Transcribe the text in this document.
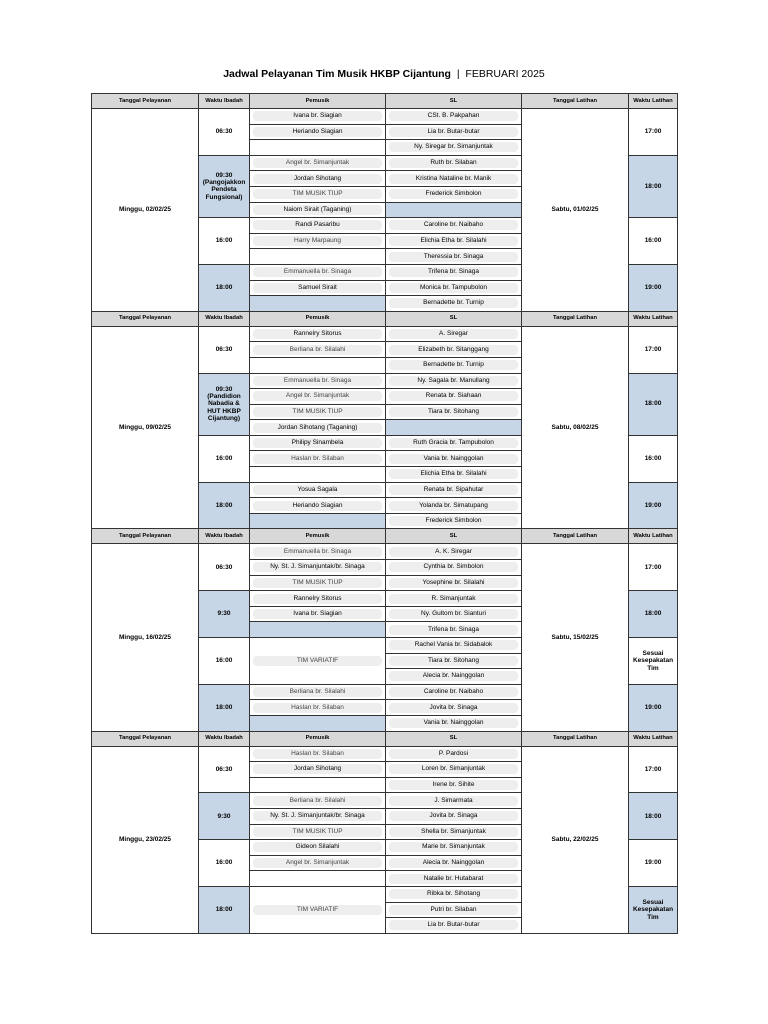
Jadwal Pelayanan Tim Musik HKBP Cijantung | FEBRUARI 2025
Tanggal Pelayanan	Waktu Ibadah	Pemusik	SL	Tanggal Latihan	Waktu Latihan
Minggu, 02/02/25	06:30	Ivana br. Siagian	CSt. B. Pakpahan	Sabtu, 01/02/25	17:00

		Heriando Siagian	Lia br. Butar-butar		

			Ny. Siregar br. Simanjuntak		

	09:30
(Pangojakkon
Pendeta
Fungsional)	Angel br. Simanjuntak	Ruth br. Silaban		18:00

		Jordan Sihotang	Kristina Nataline br. Manik		

		TIM MUSIK TIUP	Frederick Simbolon		

		Naiom Sirait (Taganing)			

	16:00	Randi Pasaribu	Caroline br. Naibaho		16:00

		Harry Marpaung	Elichia Etha br. Silalahi		

			Theressia br. Sinaga		

	18:00	Emmanuella br. Sinaga	Trifena br. Sinaga		19:00

		Samuel Sirait	Monica br. Tampubolon		

			Bernadette br. Turnip		

Tanggal Pelayanan	Waktu Ibadah	Pemusik	SL	Tanggal Latihan	Waktu Latihan
Minggu, 09/02/25	06:30	Rannelry Sitorus	A. Siregar	Sabtu, 08/02/25	17:00

		Berliana br. Silalahi	Elizabeth br. Sitanggang		

			Bernadette br. Turnip		

	09:30
(Pandidion
Nabadia &
HUT HKBP
Cijantung)	Emmanuella br. Sinaga	Ny. Sagala br. Manullang		18:00

		Angel br. Simanjuntak	Renata br. Siahaan		

		TIM MUSIK TIUP	Tiara br. Sitohang		

		Jordan Sihotang (Taganing)			

	16:00	Philipy Sinambela	Ruth Gracia br. Tampubolon		16:00

		Haslan br. Silaban	Vania br. Nainggolan		

			Elichia Etha br. Silalahi		

	18:00	Yosua Sagala	Renata br. Sipahutar		19:00

		Heriando Siagian	Yolanda br. Simatupang		

			Frederick Simbolon		

Tanggal Pelayanan	Waktu Ibadah	Pemusik	SL	Tanggal Latihan	Waktu Latihan
Minggu, 16/02/25	06:30	Emmanuella br. Sinaga	A. K. Siregar	Sabtu, 15/02/25	17:00

		Ny. St. J. Simanjuntak/br. Sinaga	Cynthia br. Simbolon		

		TIM MUSIK TIUP	Yosephine br. Silalahi		

	9:30	Rannelry Sitorus	R. Simanjuntak		18:00

		Ivana br. Siagian	Ny. Gultom br. Sianturi		

			Trifena br. Sinaga		

	16:00	TIM VARIATIF	Rachel Vania br. Sidabalok		Sesuai
Kesepakatan
Tim

			Tiara br. Sitohang		

			Alecia br. Nainggolan		

	18:00	Berliana br. Silalahi	Caroline br. Naibaho		19:00

		Haslan br. Silaban	Jovita br. Sinaga		

			Vania br. Nainggolan		

Tanggal Pelayanan	Waktu Ibadah	Pemusik	SL	Tanggal Latihan	Waktu Latihan
Minggu, 23/02/25	06:30	Haslan br. Silaban	P. Pardosi	Sabtu, 22/02/25	17:00

		Jordan Sihotang	Loren br. Simanjuntak		

			Irene br. Sihite		

	9:30	Berliana br. Silalahi	J. Simarmata		18:00

		Ny. St. J. Simanjuntak/br. Sinaga	Jovita br. Sinaga		

		TIM MUSIK TIUP	Shella br. Simanjuntak		

	16:00	Gideon Silalahi	Marie br. Simanjuntak		19:00

		Angel br. Simanjuntak	Alecia br. Nainggolan		

			Natalie br. Hutabarat		

	18:00	TIM VARIATIF	Ribka br. Sihotang		Sesuai
Kesepakatan
Tim

			Putri br. Silaban		

			Lia br. Butar-butar		
